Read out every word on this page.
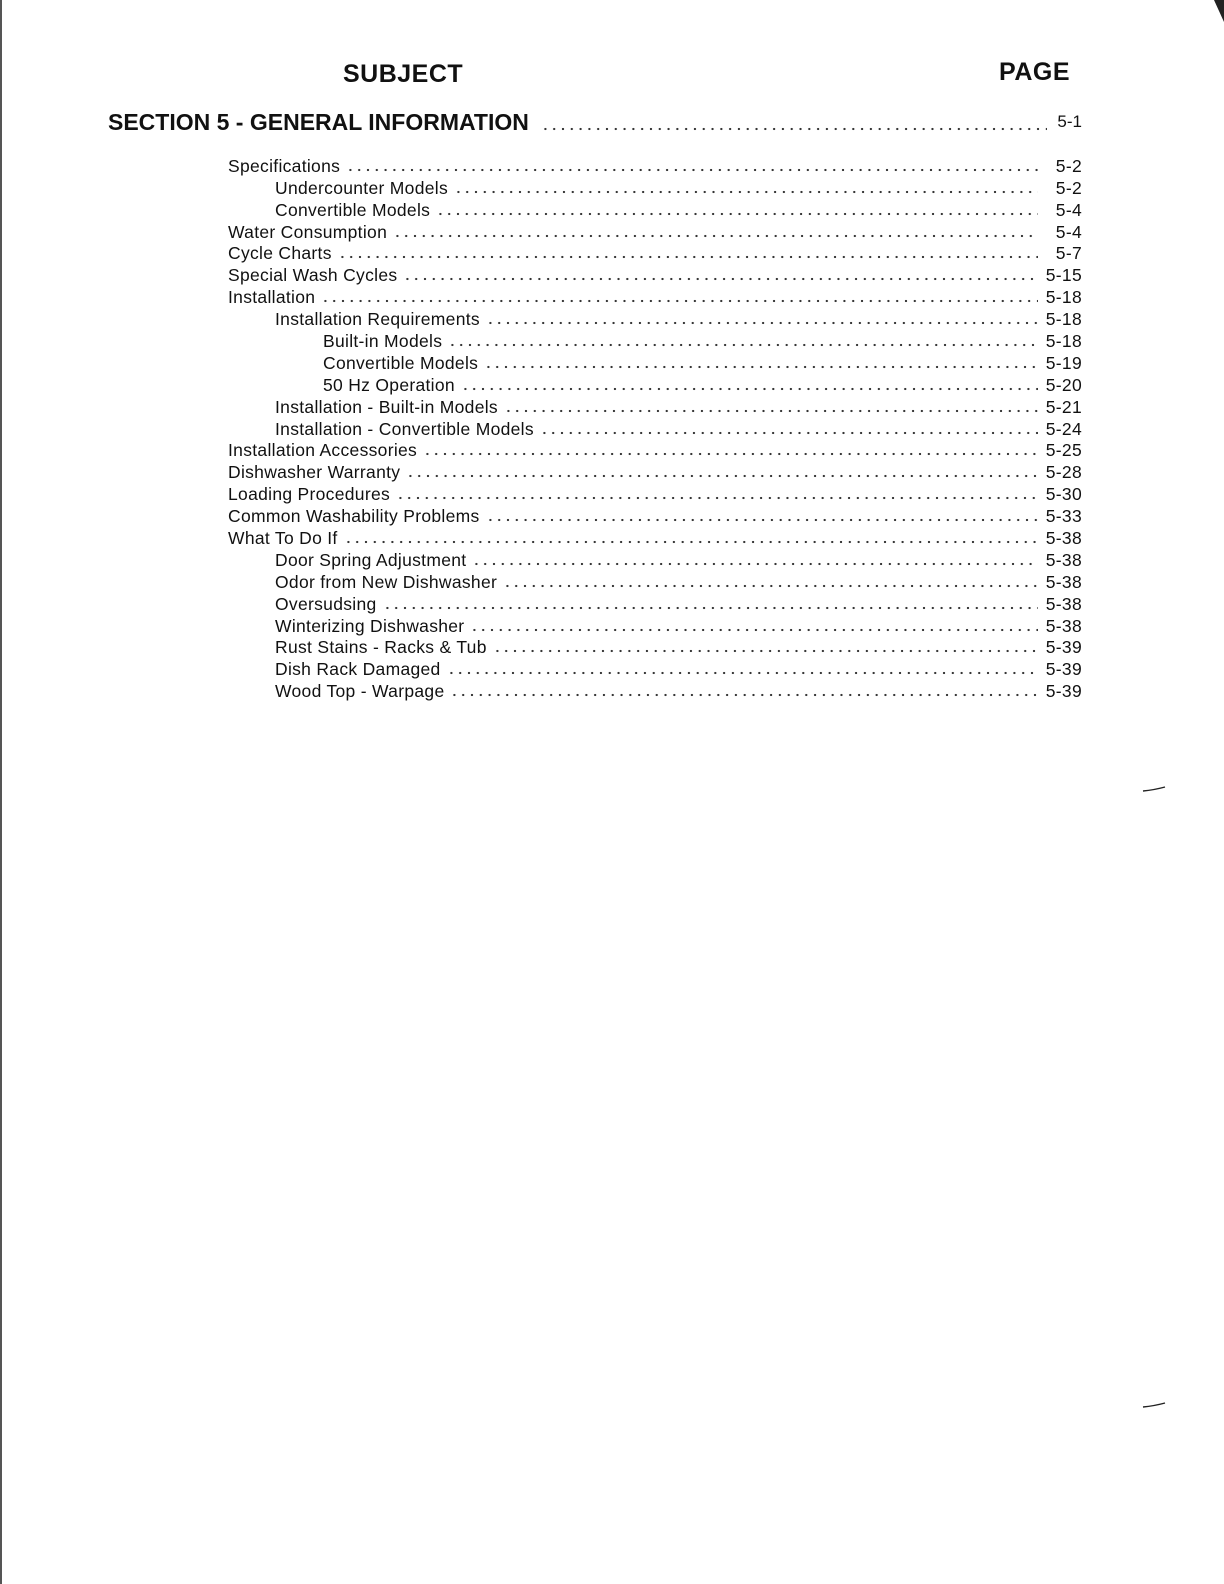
SUBJECT	PAGE
SECTION 5 - GENERAL INFORMATION	5-1
Specifications	5-2
Undercounter Models	5-2
Convertible Models	5-4
Water Consumption	5-4
Cycle Charts	5-7
Special Wash Cycles	5-15
Installation	5-18
Installation Requirements	5-18
Built-in Models	5-18
Convertible Models	5-19
50 Hz Operation	5-20
Installation - Built-in Models	5-21
Installation - Convertible Models	5-24
Installation Accessories	5-25
Dishwasher Warranty	5-28
Loading Procedures	5-30
Common Washability Problems	5-33
What To Do If	5-38
Door Spring Adjustment	5-38
Odor from New Dishwasher	5-38
Oversudsing	5-38
Winterizing Dishwasher	5-38
Rust Stains - Racks & Tub	5-39
Dish Rack Damaged	5-39
Wood Top - Warpage	5-39
